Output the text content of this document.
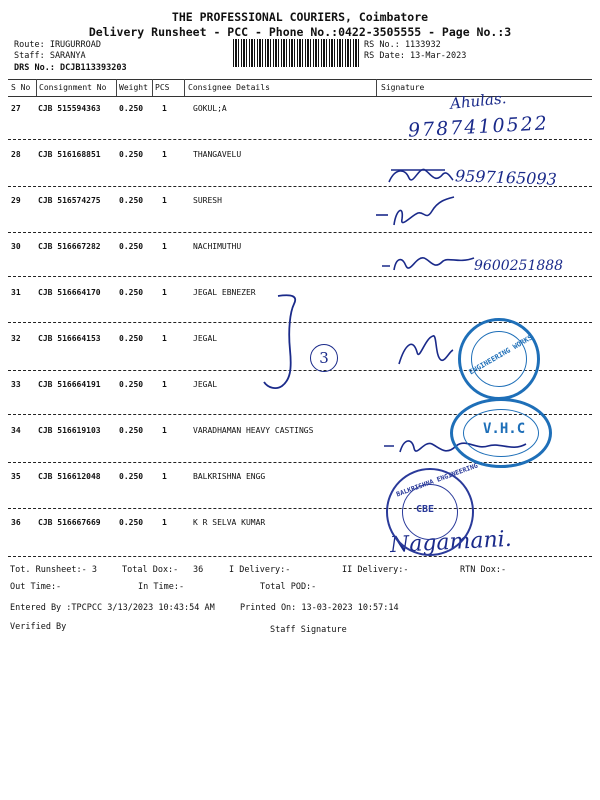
THE PROFESSIONAL COURIERS, Coimbatore
Delivery Runsheet - PCC - Phone No.:0422-3505555 - Page No.:3
Route: IRUGURROAD
Staff: SARANYA
DRS No.: DCJB113393203
RS No.: 1133932
RS Date: 13-Mar-2023
S No Consignment No Weight PCS Consignee Details	Signature
27 CJB 515594363 0.250 1	GOKUL;A
28 CJB 516168851 0.250 1	THANGAVELU
29 CJB 516574275 0.250 1	SURESH
30 CJB 516667282 0.250 1	NACHIMUTHU
31 CJB 516664170 0.250 1	JEGAL EBNEZER
32 CJB 516664153 0.250 1	JEGAL
33 CJB 516664191 0.250 1	JEGAL
34 CJB 516619103 0.250 1	VARADHAMAN HEAVY CASTINGS
35 CJB 516612048 0.250 1	BALKRISHNA ENGG
36 CJB 516667669 0.250 1	K R SELVA KUMAR
Ahulas.
9787410522
9597165093
9600251888
3
Nagamani.
ENGINEERING WORKS
V.H.C
BALKRISHNA ENGINEERING
CBE
Tot. Runsheet:- 3	Total Dox:- 36	I Delivery:-	II Delivery:-	RTN Dox:-
Out Time:-	In Time:-	Total POD:-
Entered By :TPCPCC 3/13/2023 10:43:54 AM	Printed On: 13-03-2023 10:57:14
Verified By	Staff Signature
